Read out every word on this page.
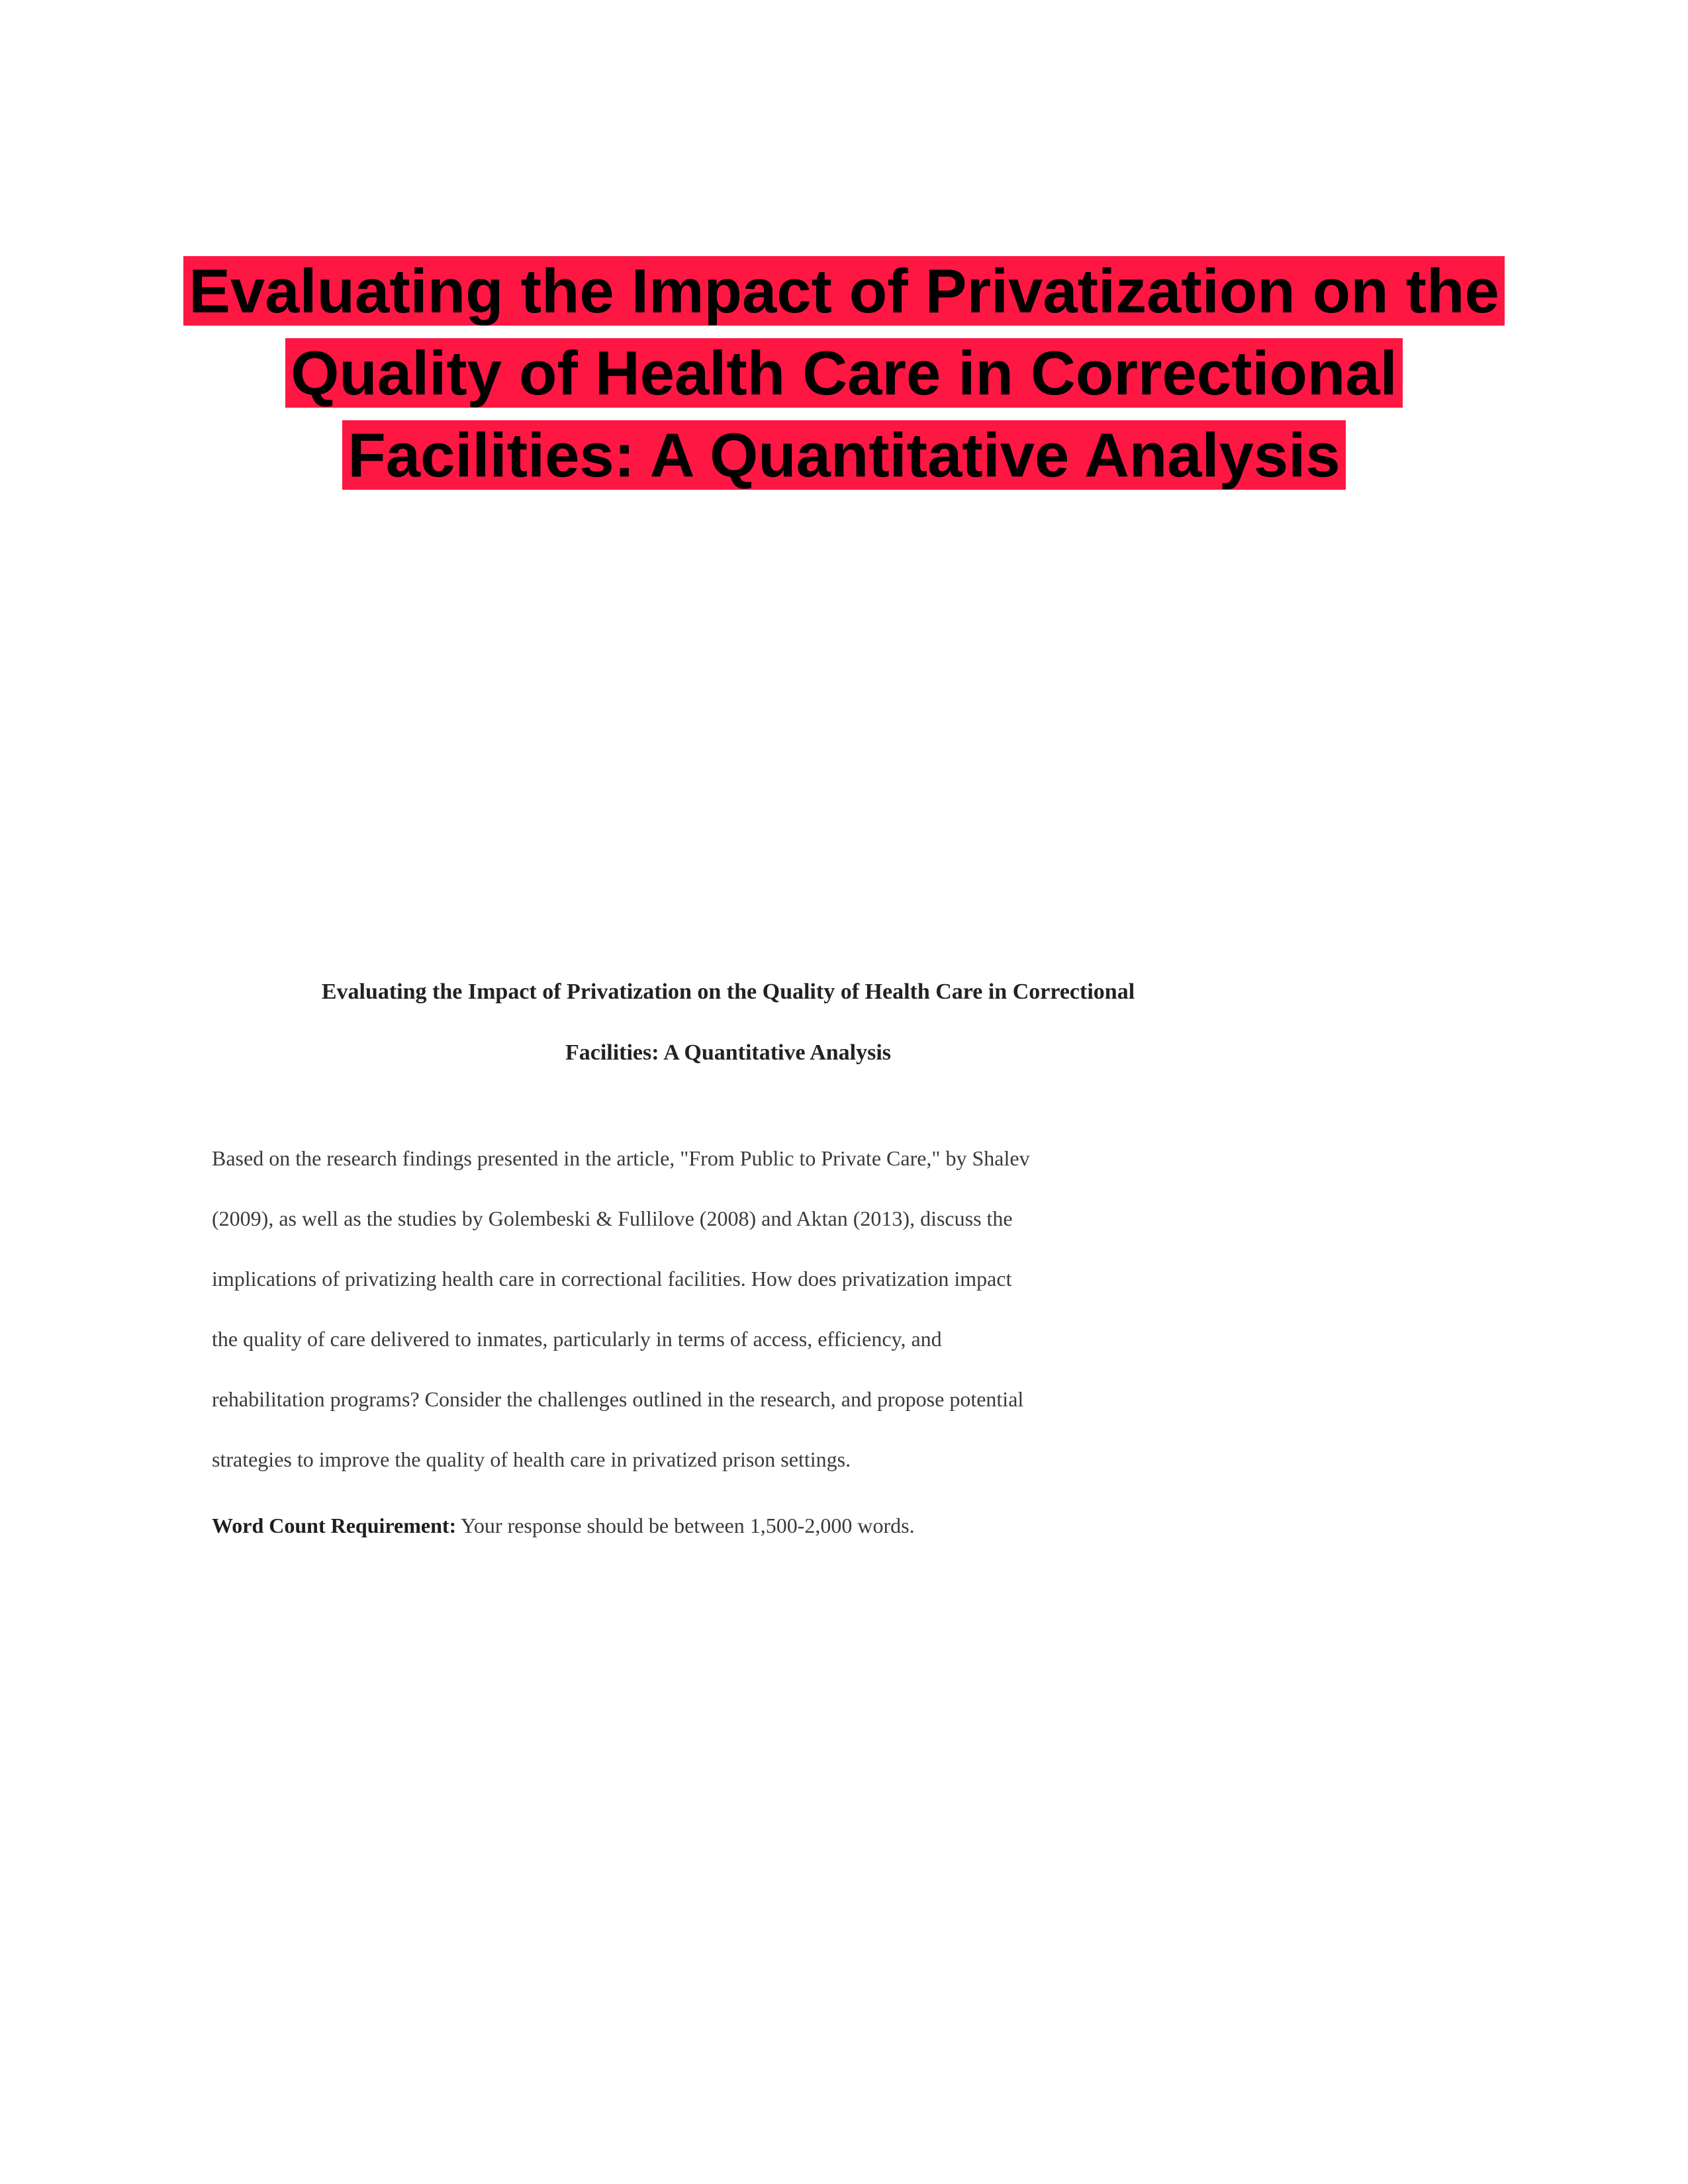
Evaluating the Impact of Privatization on the
Quality of Health Care in Correctional
Facilities: A Quantitative Analysis
Evaluating the Impact of Privatization on the Quality of Health Care in Correctional
Facilities: A Quantitative Analysis
Based on the research findings presented in the article, "From Public to Private Care," by Shalev
(2009), as well as the studies by Golembeski & Fullilove (2008) and Aktan (2013), discuss the
implications of privatizing health care in correctional facilities. How does privatization impact
the quality of care delivered to inmates, particularly in terms of access, efficiency, and
rehabilitation programs? Consider the challenges outlined in the research, and propose potential
strategies to improve the quality of health care in privatized prison settings.
Word Count Requirement: Your response should be between 1,500-2,000 words.
